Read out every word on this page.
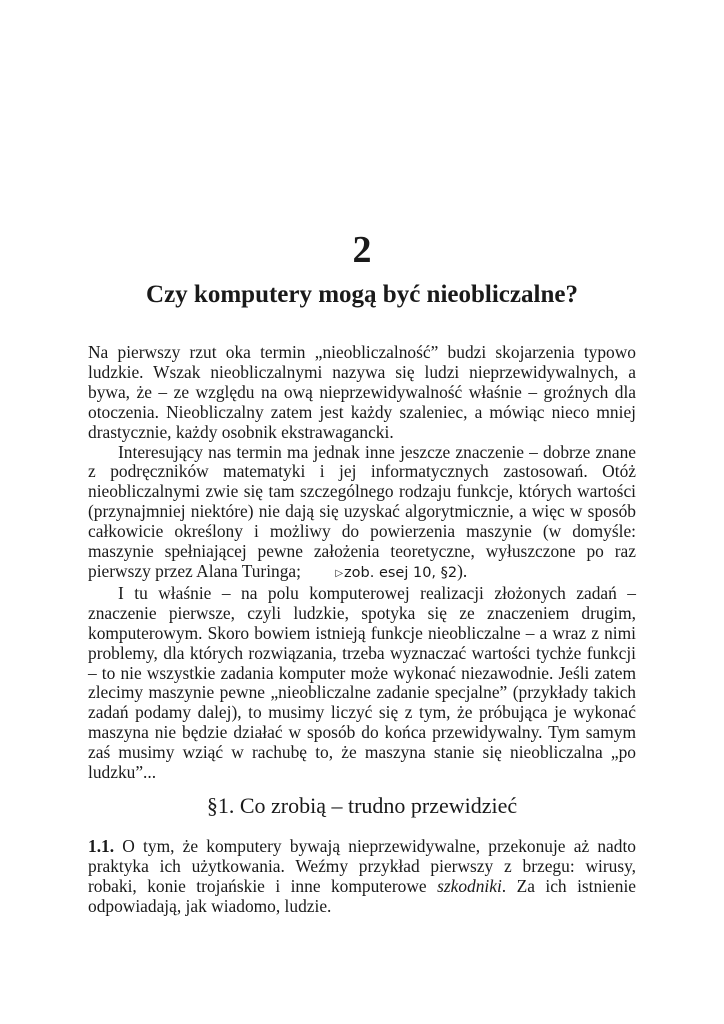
2
Czy komputery mogą być nieobliczalne?

Na pierwszy rzut oka termin „nieobliczalność” budzi skojarzenia typowo ludzkie. Wszak nieobliczalnymi nazywa się ludzi nieprzewidywalnych, a bywa, że – ze względu na ową nieprzewidywalność właśnie – groźnych dla otoczenia. Nieobliczalny zatem jest każdy szaleniec, a mówiąc nieco mniej drastycznie, każdy osobnik ekstrawagancki.

Interesujący nas termin ma jednak inne jeszcze znaczenie – dobrze znane z podręczników matematyki i jej informatycznych zastosowań. Otóż nieobliczalnymi zwie się tam szczególnego rodzaju funkcje, których wartości (przynajmniej niektóre) nie dają się uzyskać algorytmicznie, a więc w sposób całkowicie określony i możliwy do powierzenia maszynie (w domyśle: maszynie spełniającej pewne założenia teoretyczne, wyłuszczone po raz pierwszy przez Alana Turinga;	▷zob. esej 10, §2).

I tu właśnie – na polu komputerowej realizacji złożonych zadań – znaczenie pierwsze, czyli ludzkie, spotyka się ze znaczeniem drugim, komputerowym. Skoro bowiem istnieją funkcje nieobliczalne – a wraz z nimi problemy, dla których rozwiązania, trzeba wyznaczać wartości tychże funkcji – to nie wszystkie zadania komputer może wykonać niezawodnie. Jeśli zatem zlecimy maszynie pewne „nieobliczalne zadanie specjalne” (przykłady takich zadań podamy dalej), to musimy liczyć się z tym, że próbująca je wykonać maszyna nie będzie działać w sposób do końca przewidywalny. Tym samym zaś musimy wziąć w rachubę to, że maszyna stanie się nieobliczalna „po ludzku”...

§1. Co zrobią – trudno przewidzieć

1.1. O tym, że komputery bywają nieprzewidywalne, przekonuje aż nadto praktyka ich użytkowania. Weźmy przykład pierwszy z brzegu: wirusy, robaki, konie trojańskie i inne komputerowe szkodniki. Za ich istnienie odpowiadają, jak wiadomo, ludzie.
